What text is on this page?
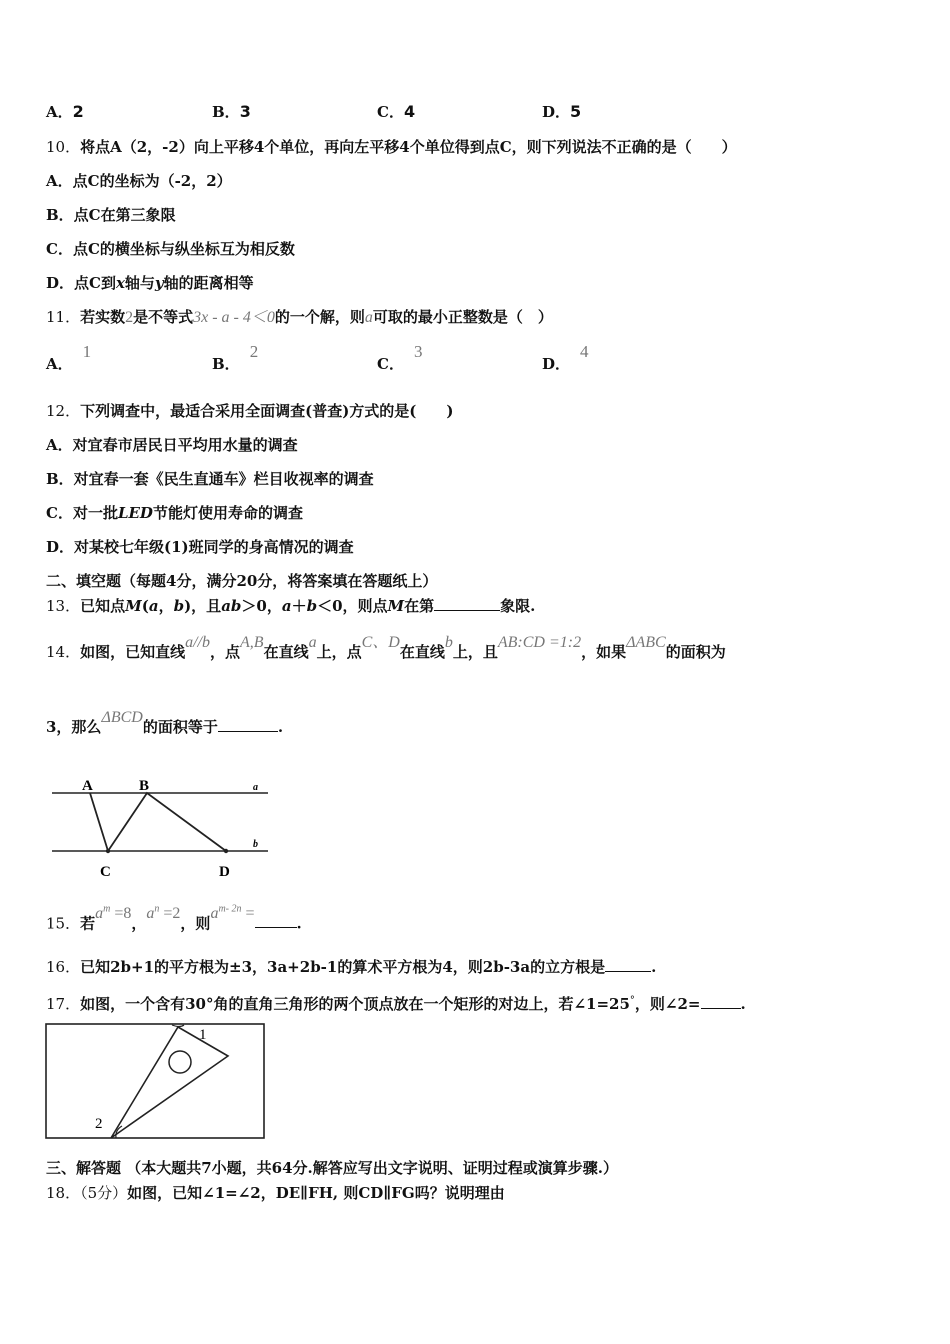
A．2	B．3	C．4	D．5
10．将点A（2，-2）向上平移4个单位，再向左平移4个单位得到点C，则下列说法不正确的是（　　）
A．点C的坐标为（-2，2）
B．点C在第三象限
C．点C的横坐标与纵坐标互为相反数
D．点C到x轴与y轴的距离相等
11．若实数2是不等式3x - a - 4＜0的一个解，则a可取的最小正整数是（　）
A．1
B．2
C．3
D．4
12．下列调查中，最适合采用全面调查(普查)方式的是(　　)
A．对宜春市居民日平均用水量的调查
B．对宜春一套《民生直通车》栏目收视率的调查
C．对一批LED节能灯使用寿命的调查
D．对某校七年级(1)班同学的身高情况的调查
二、填空题（每题4分，满分20分，将答案填在答题纸上）
13．已知点M(a，b)，且ab＞0，a＋b＜0，则点M在第	象限.
14．如图，已知直线a//b，点A,B在直线a上，点C、D在直线b上，且AB:CD =1:2，如果ΔABC的面积为
3，那么ΔBCD的面积等于	.
A	B
C	D
a
b
15．若$a^m =8$，$a^n =2$，则$a^{m- 2n}$ =.
16．已知2b+1的平方根为±3，3a+2b-1的算术平方根为4，则2b-3a的立方根是	.
17．如图，一个含有30°角的直角三角形的两个顶点放在一个矩形的对边上，若∠1=25°，则∠2=	.
1
2
三、解答题 （本大题共7小题，共64分.解答应写出文字说明、证明过程或演算步骤.）
18．（5分）如图，已知∠1=∠2，DE∥FH, 则CD∥FG吗？说明理由
